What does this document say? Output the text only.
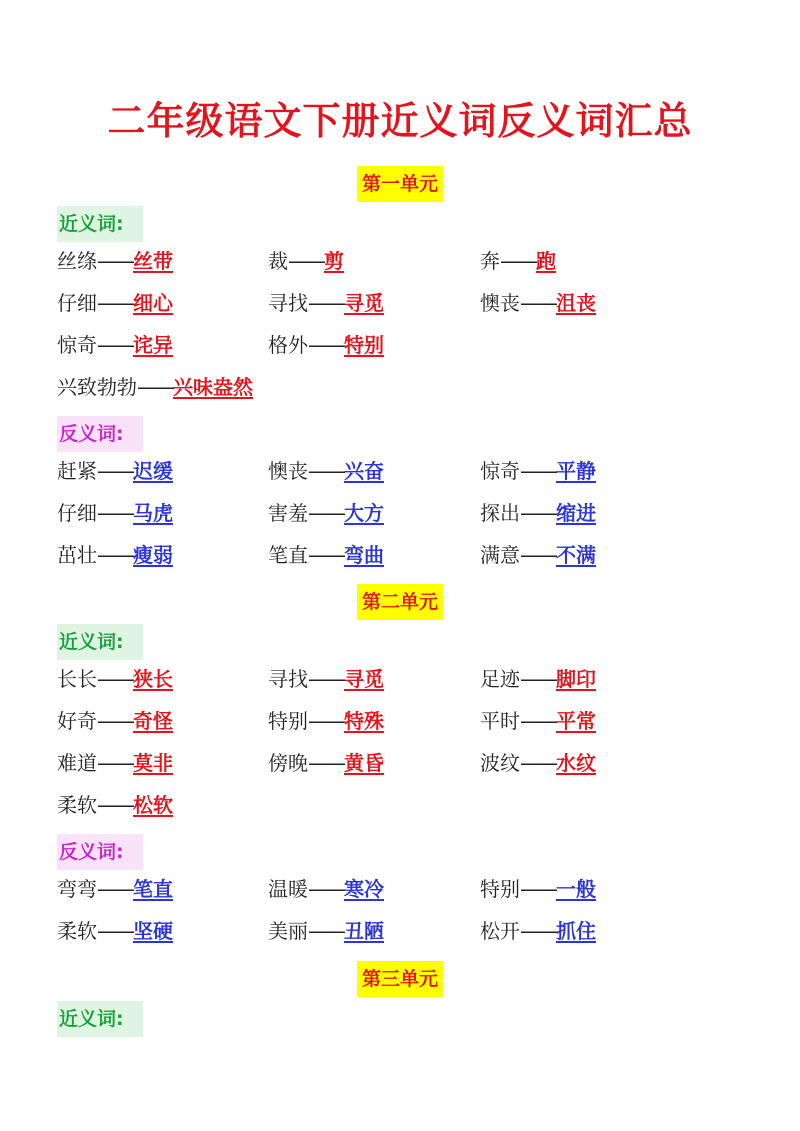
二年级语文下册近义词反义词汇总
第一单元
近义词:
丝绦——丝带	裁——剪	奔——跑
仔细——细心	寻找——寻觅	懊丧——沮丧
惊奇——诧异	格外——特别
兴致勃勃——兴味盎然
反义词:
赶紧——迟缓	懊丧——兴奋	惊奇——平静
仔细——马虎	害羞——大方	探出——缩进
茁壮——瘦弱	笔直——弯曲	满意——不满
第二单元
近义词:
长长——狭长	寻找——寻觅	足迹——脚印
好奇——奇怪	特别——特殊	平时——平常
难道——莫非	傍晚——黄昏	波纹——水纹
柔软——松软
反义词:
弯弯——笔直	温暖——寒冷	特别——一般
柔软——坚硬	美丽——丑陋	松开——抓住
第三单元
近义词:
